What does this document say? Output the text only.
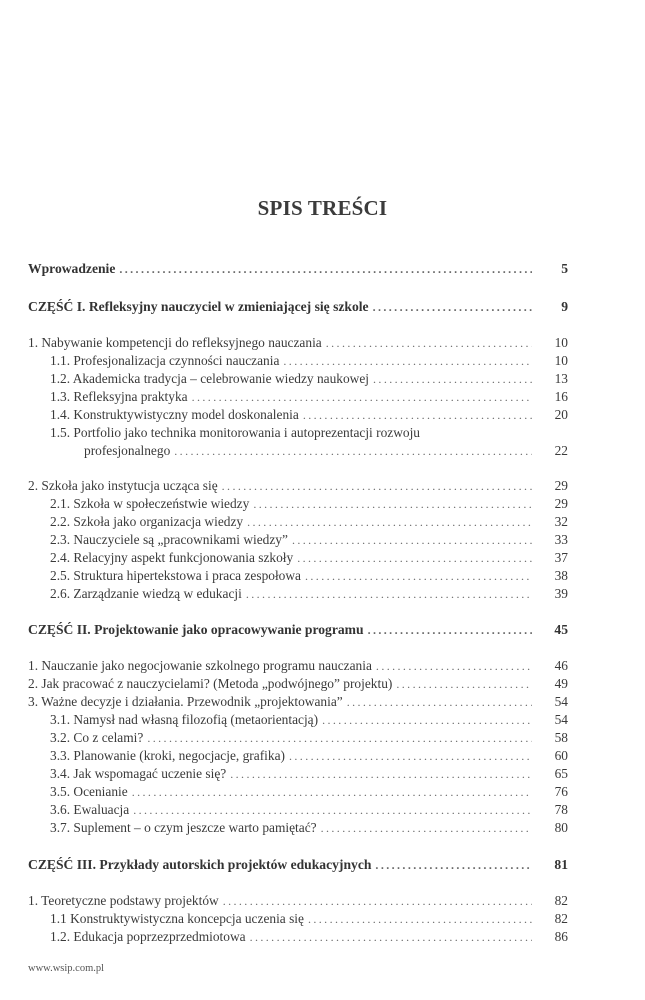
SPIS TREŚCI
Wprowadzenie . . .	5
CZĘŚĆ I. Refleksyjny nauczyciel w zmieniającej się szkole . . .	9
1. Nabywanie kompetencji do refleksyjnego nauczania . . .	10
1.1. Profesjonalizacja czynności nauczania . . .	10
1.2. Akademicka tradycja – celebrowanie wiedzy naukowej . . .	13
1.3. Refleksyjna praktyka . . .	16
1.4. Konstruktywistyczny model doskonalenia . . .	20
1.5. Portfolio jako technika monitorowania i autoprezentacji rozwoju
profesjonalnego . . .	22
2. Szkoła jako instytucja ucząca się . . .	29
2.1. Szkoła w społeczeństwie wiedzy . . .	29
2.2. Szkoła jako organizacja wiedzy . . .	32
2.3. Nauczyciele są „pracownikami wiedzy” . . .	33
2.4. Relacyjny aspekt funkcjonowania szkoły . . .	37
2.5. Struktura hipertekstowa i praca zespołowa . . .	38
2.6. Zarządzanie wiedzą w edukacji . . .	39
CZĘŚĆ II. Projektowanie jako opracowywanie programu . . .	45
1. Nauczanie jako negocjowanie szkolnego programu nauczania . . .	46
2. Jak pracować z nauczycielami? (Metoda „podwójnego” projektu) . . .	49
3. Ważne decyzje i działania. Przewodnik „projektowania” . . .	54
3.1. Namysł nad własną filozofią (metaorientacją) . . .	54
3.2. Co z celami? . . .	58
3.3. Planowanie (kroki, negocjacje, grafika) . . .	60
3.4. Jak wspomagać uczenie się? . . .	65
3.5. Ocenianie . . .	76
3.6. Ewaluacja . . .	78
3.7. Suplement – o czym jeszcze warto pamiętać? . . .	80
CZĘŚĆ III. Przykłady autorskich projektów edukacyjnych . . .	81
1. Teoretyczne podstawy projektów . . .	82
1.1 Konstruktywistyczna koncepcja uczenia się . . .	82
1.2. Edukacja poprzezprzedmiotowa . . .	86
www.wsip.com.pl
